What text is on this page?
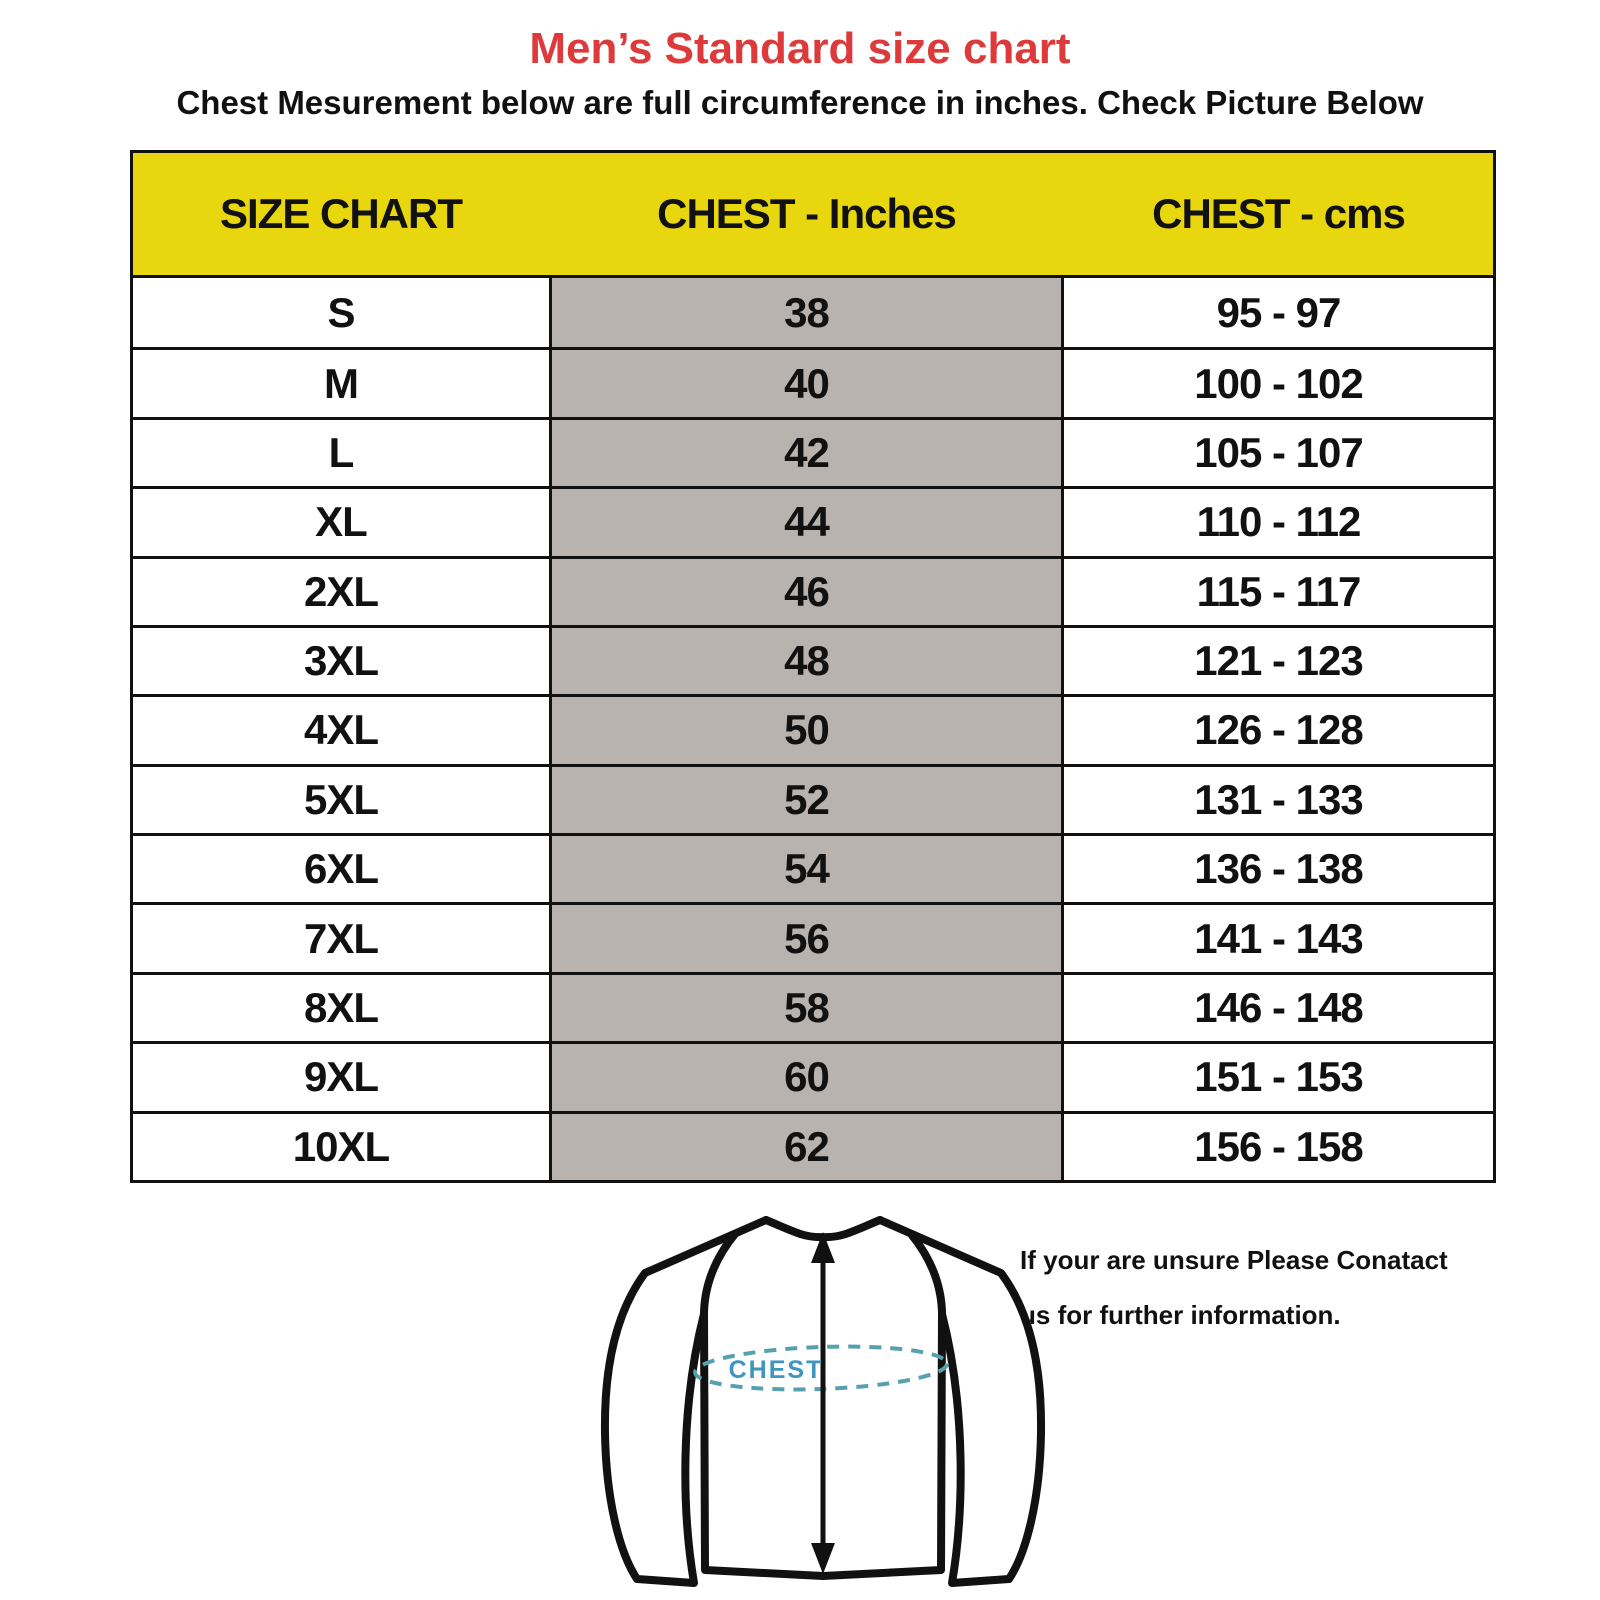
Men’s Standard size chart
Chest Mesurement below are full circumference in inches. Check Picture Below
SIZE CHART	CHEST - Inches	CHEST - cms
S	38	95 - 97
M	40	100 - 102
L	42	105 - 107
XL	44	110 - 112
2XL	46	115 - 117
3XL	48	121 - 123
4XL	50	126 - 128
5XL	52	131 - 133
6XL	54	136 - 138
7XL	56	141 - 143
8XL	58	146 - 148
9XL	60	151 - 153
10XL	62	156 - 158
CHEST
If your are unsure Please Conatact
us for further information.
